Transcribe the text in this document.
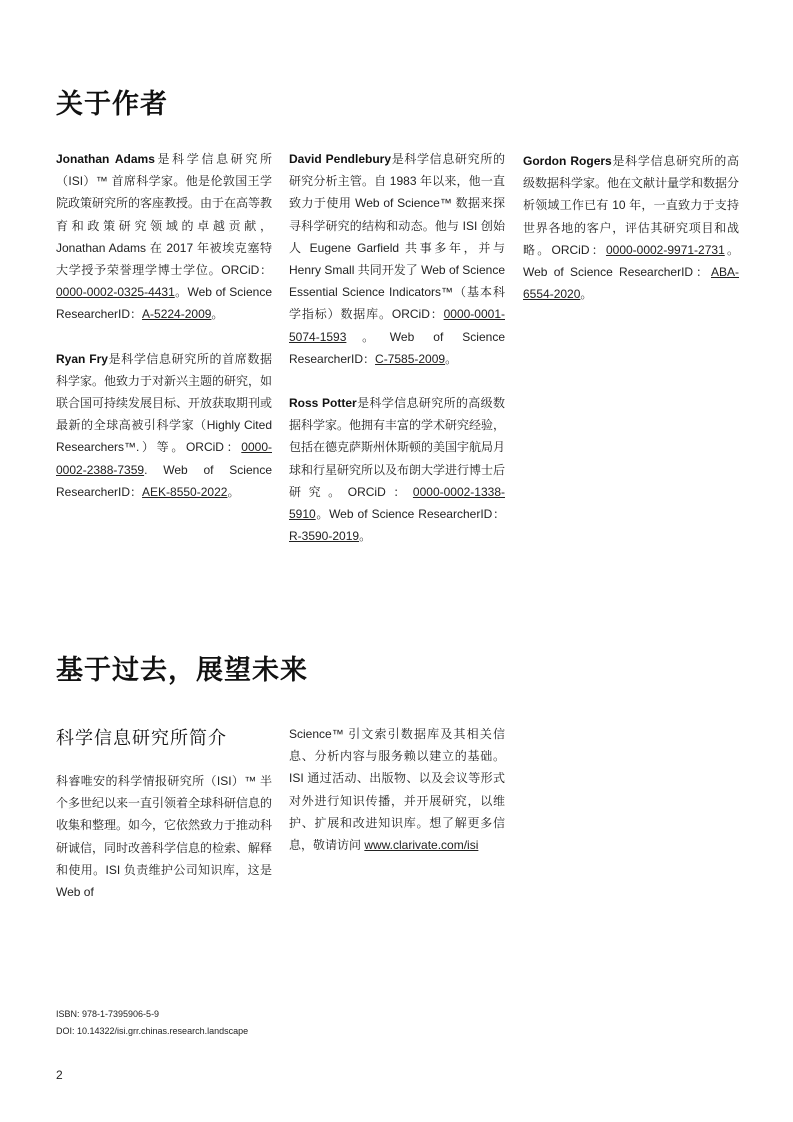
关于作者

Jonathan Adams是科学信息研究所（ISI）™ 首席科学家。他是伦敦国王学院政策研究所的客座教授。由于在高等教育和政策研究领域的卓越贡献，Jonathan Adams 在 2017 年被埃克塞特大学授予荣誉理学博士学位。ORCiD：0000-0002-0325-4431。Web of Science ResearcherID：A-5224-2009。

Ryan Fry是科学信息研究所的首席数据科学家。他致力于对新兴主题的研究，如联合国可持续发展目标、开放获取期刊或最新的全球高被引科学家（Highly Cited Researchers™.）等。ORCiD：0000-0002-2388-7359. Web of Science ResearcherID：AEK-8550-2022。

David Pendlebury是科学信息研究所的研究分析主管。自 1983 年以来，他一直致力于使用 Web of Science™ 数据来探寻科学研究的结构和动态。他与 ISI 创始人 Eugene Garfield 共事多年，并与 Henry Small 共同开发了 Web of Science Essential Science Indicators™（基本科学指标）数据库。ORCiD：0000-0001-5074-1593。Web of Science ResearcherID：C-7585-2009。

Ross Potter是科学信息研究所的高级数据科学家。他拥有丰富的学术研究经验，包括在德克萨斯州休斯顿的美国宇航局月球和行星研究所以及布朗大学进行博士后研究。ORCiD：0000-0002-1338-5910。Web of Science ResearcherID：R-3590-2019。

Gordon Rogers是科学信息研究所的高级数据科学家。他在文献计量学和数据分析领域工作已有 10 年，一直致力于支持世界各地的客户，评估其研究项目和战略。ORCiD：0000-0002-9971-2731。Web of Science ResearcherID：ABA-6554-2020。

基于过去，展望未来
科学信息研究所简介

科睿唯安的科学情报研究所（ISI）™ 半个多世纪以来一直引领着全球科研信息的收集和整理。如今，它依然致力于推动科研诚信，同时改善科学信息的检索、解释和使用。ISI 负责维护公司知识库，这是 Web of

Science™ 引文索引数据库及其相关信息、分析内容与服务赖以建立的基础。ISI 通过活动、出版物、以及会议等形式对外进行知识传播，并开展研究，以维护、扩展和改进知识库。想了解更多信息，敬请访问 www.clarivate.com/isi

ISBN: 978-1-7395906-5-9
DOI: 10.14322/isi.grr.chinas.research.landscape
2
